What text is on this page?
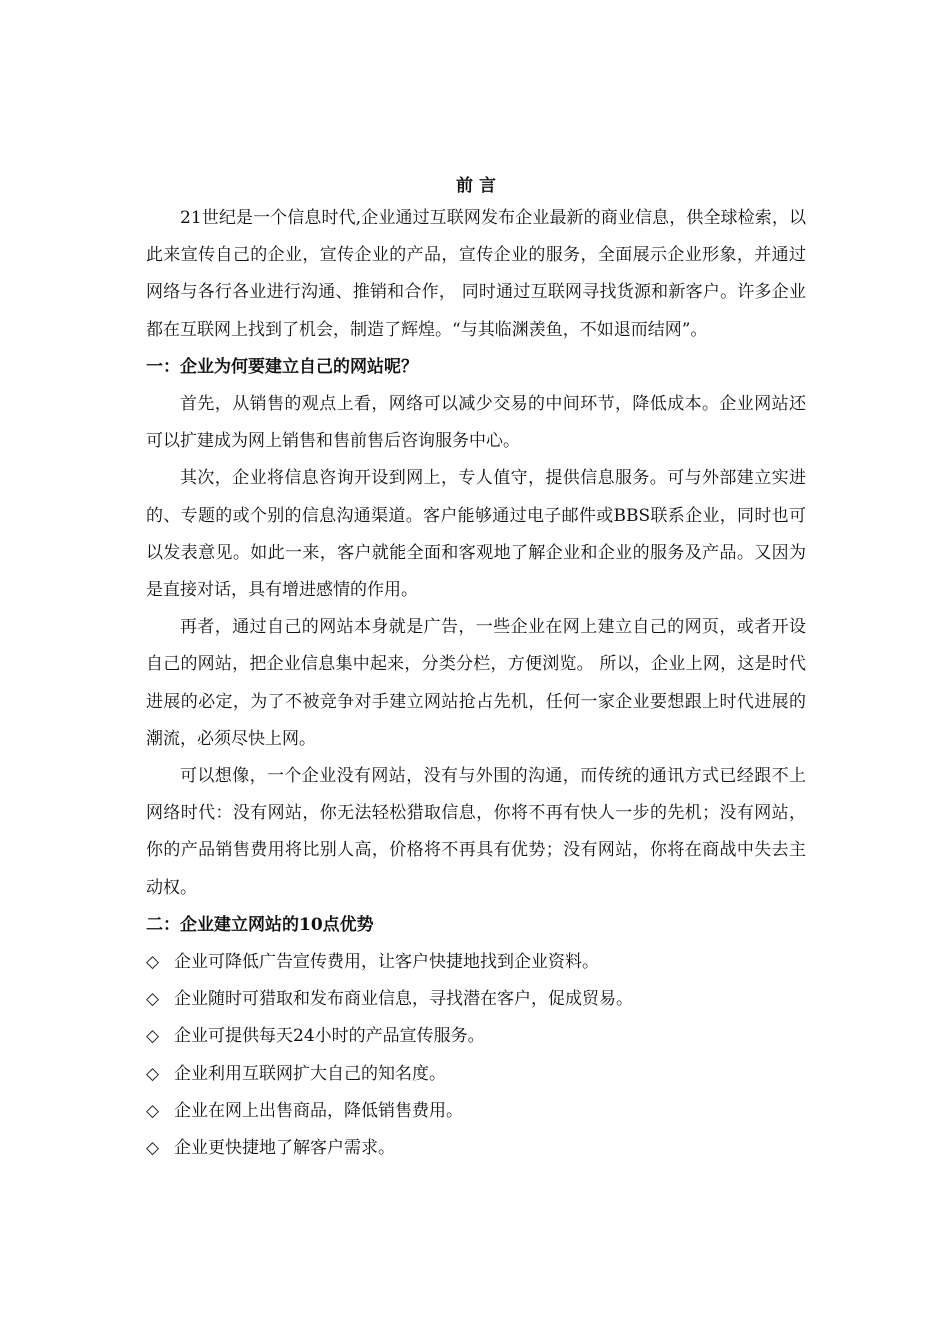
前 言

21世纪是一个信息时代,企业通过互联网发布企业最新的商业信息，供全球检索，以此来宣传自己的企业，宣传企业的产品，宣传企业的服务，全面展示企业形象，并通过网络与各行各业进行沟通、推销和合作， 同时通过互联网寻找货源和新客户。许多企业都在互联网上找到了机会，制造了辉煌。“与其临渊羡鱼，不如退而结网”。

一：企业为何要建立自己的网站呢？

首先，从销售的观点上看，网络可以减少交易的中间环节，降低成本。企业网站还可以扩建成为网上销售和售前售后咨询服务中心。

其次，企业将信息咨询开设到网上，专人值守，提供信息服务。可与外部建立实进的、专题的或个别的信息沟通渠道。客户能够通过电子邮件或BBS联系企业，同时也可以发表意见。如此一来，客户就能全面和客观地了解企业和企业的服务及产品。又因为是直接对话，具有增进感情的作用。

再者，通过自己的网站本身就是广告，一些企业在网上建立自己的网页，或者开设自己的网站，把企业信息集中起来，分类分栏，方便浏览。 所以，企业上网，这是时代进展的必定，为了不被竞争对手建立网站抢占先机，任何一家企业要想跟上时代进展的潮流，必须尽快上网。

可以想像，一个企业没有网站，没有与外围的沟通，而传统的通讯方式已经跟不上网络时代：没有网站，你无法轻松猎取信息，你将不再有快人一步的先机；没有网站，你的产品销售费用将比别人高，价格将不再具有优势；没有网站，你将在商战中失去主动权。

二：企业建立网站的10点优势

◇ 企业可降低广告宣传费用，让客户快捷地找到企业资料。
◇ 企业随时可猎取和发布商业信息，寻找潜在客户，促成贸易。
◇ 企业可提供每天24小时的产品宣传服务。
◇ 企业利用互联网扩大自己的知名度。
◇ 企业在网上出售商品，降低销售费用。
◇ 企业更快捷地了解客户需求。
